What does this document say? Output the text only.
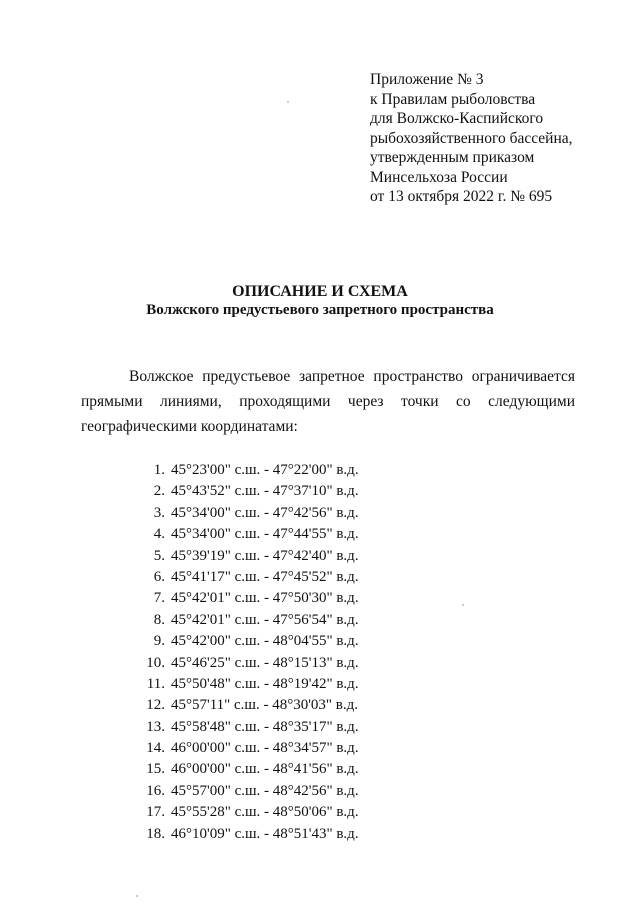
Приложение № 3
к Правилам рыболовства
для Волжско-Каспийского
рыбохозяйственного бассейна,
утвержденным приказом
Минсельхоза России
от 13 октября 2022 г. № 695
ОПИСАНИЕ И СХЕМА
Волжского предустьевого запретного пространства

Волжское предустьевое запретное пространство ограничивается прямыми линиями, проходящими через точки со следующими географическими координатами:

1. 45°23'00" с.ш. - 47°22'00" в.д.
2. 45°43'52" с.ш. - 47°37'10" в.д.
3. 45°34'00" с.ш. - 47°42'56" в.д.
4. 45°34'00" с.ш. - 47°44'55" в.д.
5. 45°39'19" с.ш. - 47°42'40" в.д.
6. 45°41'17" с.ш. - 47°45'52" в.д.
7. 45°42'01" с.ш. - 47°50'30" в.д.
8. 45°42'01" с.ш. - 47°56'54" в.д.
9. 45°42'00" с.ш. - 48°04'55" в.д.
10. 45°46'25" с.ш. - 48°15'13" в.д.
11. 45°50'48" с.ш. - 48°19'42" в.д.
12. 45°57'11" с.ш. - 48°30'03" в.д.
13. 45°58'48" с.ш. - 48°35'17" в.д.
14. 46°00'00" с.ш. - 48°34'57" в.д.
15. 46°00'00" с.ш. - 48°41'56" в.д.
16. 45°57'00" с.ш. - 48°42'56" в.д.
17. 45°55'28" с.ш. - 48°50'06" в.д.
18. 46°10'09" с.ш. - 48°51'43" в.д.
